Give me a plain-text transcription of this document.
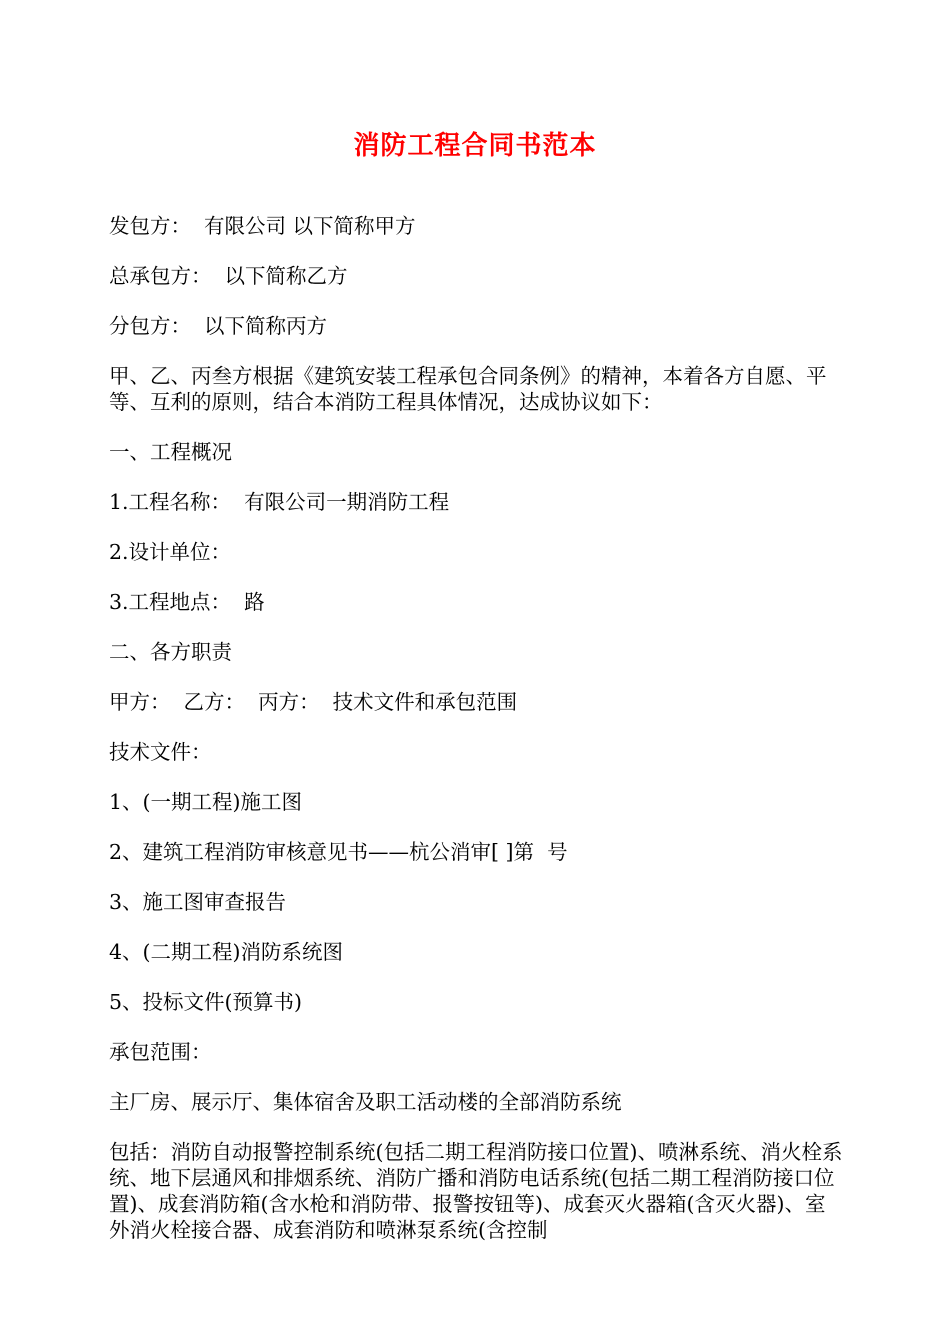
消防工程合同书范本

发包方：  有限公司 以下简称甲方

总承包方：  以下简称乙方

分包方：  以下简称丙方

甲、乙、丙叁方根据《建筑安装工程承包合同条例》的精神，本着各方自愿、平等、互利的原则，结合本消防工程具体情况，达成协议如下：

一、工程概况

1.工程名称：  有限公司一期消防工程

2.设计单位：

3.工程地点：  路

二、各方职责

甲方：  乙方：  丙方：  技术文件和承包范围

技术文件：

1、(一期工程)施工图

2、建筑工程消防审核意见书——杭公消审[ ]第  号

3、施工图审查报告

4、(二期工程)消防系统图

5、投标文件(预算书)

承包范围：

主厂房、展示厅、集体宿舍及职工活动楼的全部消防系统

包括：消防自动报警控制系统(包括二期工程消防接口位置)、喷淋系统、消火栓系统、地下层通风和排烟系统、消防广播和消防电话系统(包括二期工程消防接口位置)、成套消防箱(含水枪和消防带、报警按钮等)、成套灭火器箱(含灭火器)、室外消火栓接合器、成套消防和喷淋泵系统(含控制
